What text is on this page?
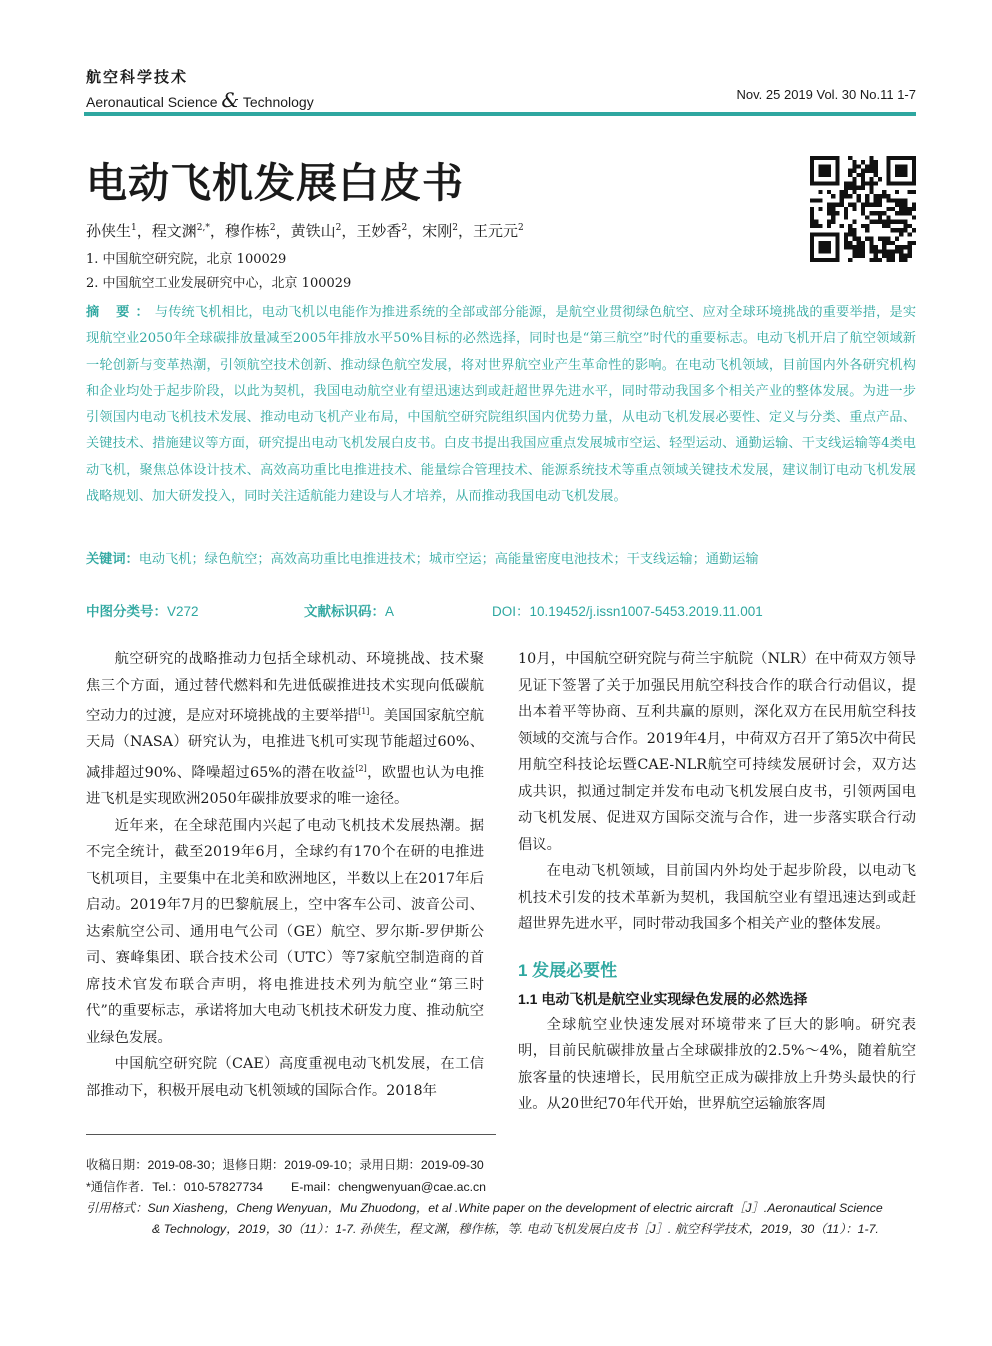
航空科学技术
Aeronautical Science & Technology	Nov. 25 2019 Vol. 30 No.11 1-7
电动飞机发展白皮书
孙侠生$^1$，程文渊$^{2,*}$，穆作栋$^2$，黄铁山$^2$，王妙香$^2$，宋刚$^2$，王元元$^2$
1. 中国航空研究院，北京 100029
2. 中国航空工业发展研究中心，北京 100029
摘 要：与传统飞机相比，电动飞机以电能作为推进系统的全部或部分能源，是航空业贯彻绿色航空、应对全球环境挑战的重要举措，是实现航空业2050年全球碳排放量减至2005年排放水平50%目标的必然选择，同时也是“第三航空”时代的重要标志。电动飞机开启了航空领域新一轮创新与变革热潮，引领航空技术创新、推动绿色航空发展，将对世界航空业产生革命性的影响。在电动飞机领域，目前国内外各研究机构和企业均处于起步阶段，以此为契机，我国电动航空业有望迅速达到或赶超世界先进水平，同时带动我国多个相关产业的整体发展。为进一步引领国内电动飞机技术发展、推动电动飞机产业布局，中国航空研究院组织国内优势力量，从电动飞机发展必要性、定义与分类、重点产品、关键技术、措施建议等方面，研究提出电动飞机发展白皮书。白皮书提出我国应重点发展城市空运、轻型运动、通勤运输、干支线运输等4类电动飞机，聚焦总体设计技术、高效高功重比电推进技术、能量综合管理技术、能源系统技术等重点领域关键技术发展，建议制订电动飞机发展战略规划、加大研发投入，同时关注适航能力建设与人才培养，从而推动我国电动飞机发展。
关键词：电动飞机；绿色航空；高效高功重比电推进技术；城市空运；高能量密度电池技术；干支线运输；通勤运输
中图分类号：V272	文献标识码：A	DOI：10.19452/j.issn1007-5453.2019.11.001

航空研究的战略推动力包括全球机动、环境挑战、技术聚焦三个方面，通过替代燃料和先进低碳推进技术实现向低碳航空动力的过渡，是应对环境挑战的主要举措[1]。美国国家航空航天局（NASA）研究认为，电推进飞机可实现节能超过60%、减排超过90%、降噪超过65%的潜在收益[2]，欧盟也认为电推进飞机是实现欧洲2050年碳排放要求的唯一途径。

近年来，在全球范围内兴起了电动飞机技术发展热潮。据不完全统计，截至2019年6月，全球约有170个在研的电推进飞机项目，主要集中在北美和欧洲地区，半数以上在2017年后启动。2019年7月的巴黎航展上，空中客车公司、波音公司、达索航空公司、通用电气公司（GE）航空、罗尔斯-罗伊斯公司、赛峰集团、联合技术公司（UTC）等7家航空制造商的首席技术官发布联合声明，将电推进技术列为航空业“第三时代”的重要标志，承诺将加大电动飞机技术研发力度、推动航空业绿色发展。

中国航空研究院（CAE）高度重视电动飞机发展，在工信部推动下，积极开展电动飞机领域的国际合作。2018年

10月，中国航空研究院与荷兰宇航院（NLR）在中荷双方领导见证下签署了关于加强民用航空科技合作的联合行动倡议，提出本着平等协商、互利共赢的原则，深化双方在民用航空科技领域的交流与合作。2019年4月，中荷双方召开了第5次中荷民用航空科技论坛暨CAE-NLR航空可持续发展研讨会，双方达成共识，拟通过制定并发布电动飞机发展白皮书，引领两国电动飞机发展、促进双方国际交流与合作，进一步落实联合行动倡议。

在电动飞机领域，目前国内外均处于起步阶段，以电动飞机技术引发的技术革新为契机，我国航空业有望迅速达到或赶超世界先进水平，同时带动我国多个相关产业的整体发展。

1 发展必要性
1.1 电动飞机是航空业实现绿色发展的必然选择

全球航空业快速发展对环境带来了巨大的影响。研究表明，目前民航碳排放量占全球碳排放的2.5%～4%，随着航空旅客量的快速增长，民用航空正成为碳排放上升势头最快的行业。从20世纪70年代开始，世界航空运输旅客周

收稿日期：2019-08-30；退修日期：2019-09-10；录用日期：2019-09-30
*通信作者．Tel.：010-57827734 E-mail：chengwenyuan@cae.ac.cn
引用格式：Sun Xiasheng，Cheng Wenyuan，Mu Zhuodong，et al .White paper on the development of electric aircraft［J］.Aeronautical Science
& Technology，2019，30（11）：1-7. 孙侠生，程文渊，穆作栋，等. 电动飞机发展白皮书［J］. 航空科学技术，2019，30（11）：1-7.
